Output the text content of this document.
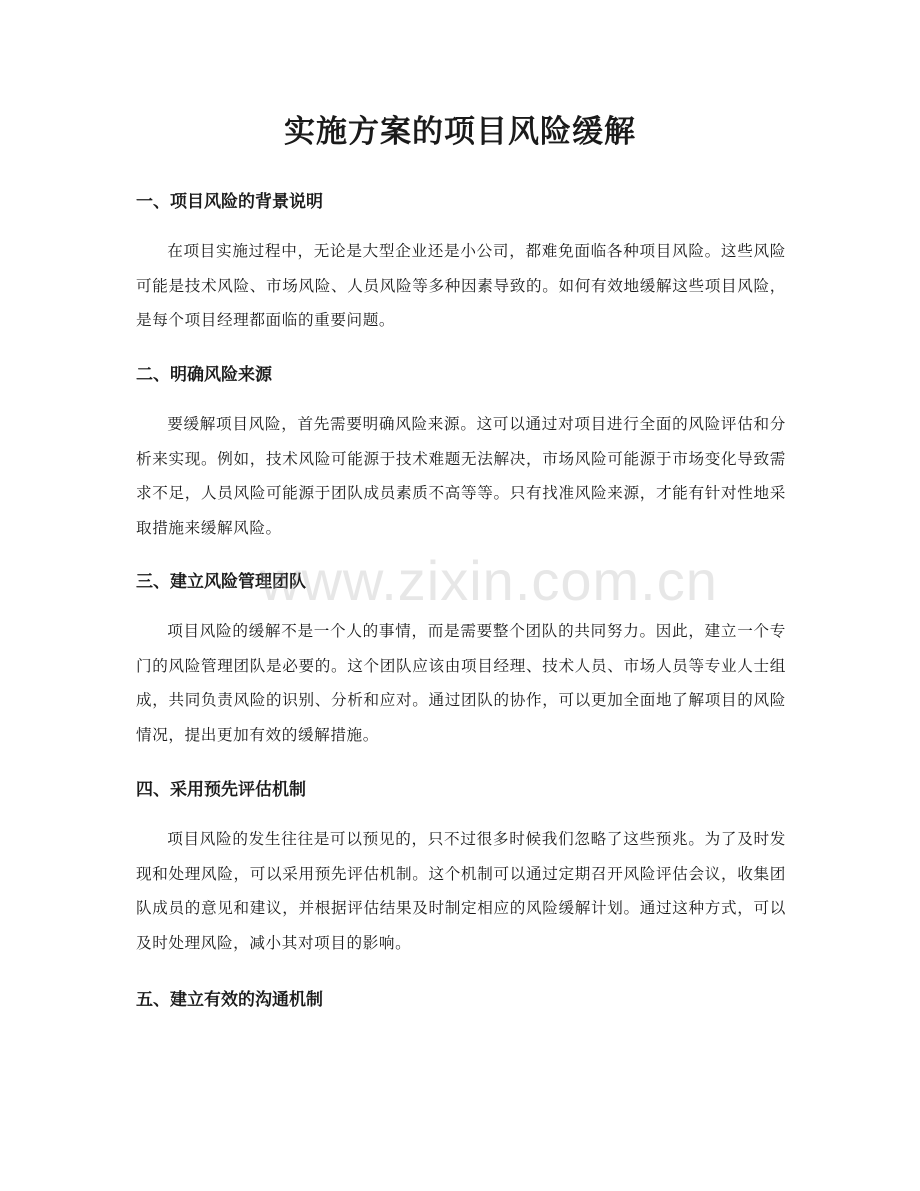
实施方案的项目风险缓解
一、项目风险的背景说明

在项目实施过程中，无论是大型企业还是小公司，都难免面临各种项目风险。这些风险可能是技术风险、市场风险、人员风险等多种因素导致的。如何有效地缓解这些项目风险，是每个项目经理都面临的重要问题。

二、明确风险来源

要缓解项目风险，首先需要明确风险来源。这可以通过对项目进行全面的风险评估和分析来实现。例如，技术风险可能源于技术难题无法解决，市场风险可能源于市场变化导致需求不足，人员风险可能源于团队成员素质不高等等。只有找准风险来源，才能有针对性地采取措施来缓解风险。

三、建立风险管理团队

项目风险的缓解不是一个人的事情，而是需要整个团队的共同努力。因此，建立一个专门的风险管理团队是必要的。这个团队应该由项目经理、技术人员、市场人员等专业人士组成，共同负责风险的识别、分析和应对。通过团队的协作，可以更加全面地了解项目的风险情况，提出更加有效的缓解措施。

四、采用预先评估机制

项目风险的发生往往是可以预见的，只不过很多时候我们忽略了这些预兆。为了及时发现和处理风险，可以采用预先评估机制。这个机制可以通过定期召开风险评估会议，收集团队成员的意见和建议，并根据评估结果及时制定相应的风险缓解计划。通过这种方式，可以及时处理风险，减小其对项目的影响。

五、建立有效的沟通机制
www.zixin.com.cn
